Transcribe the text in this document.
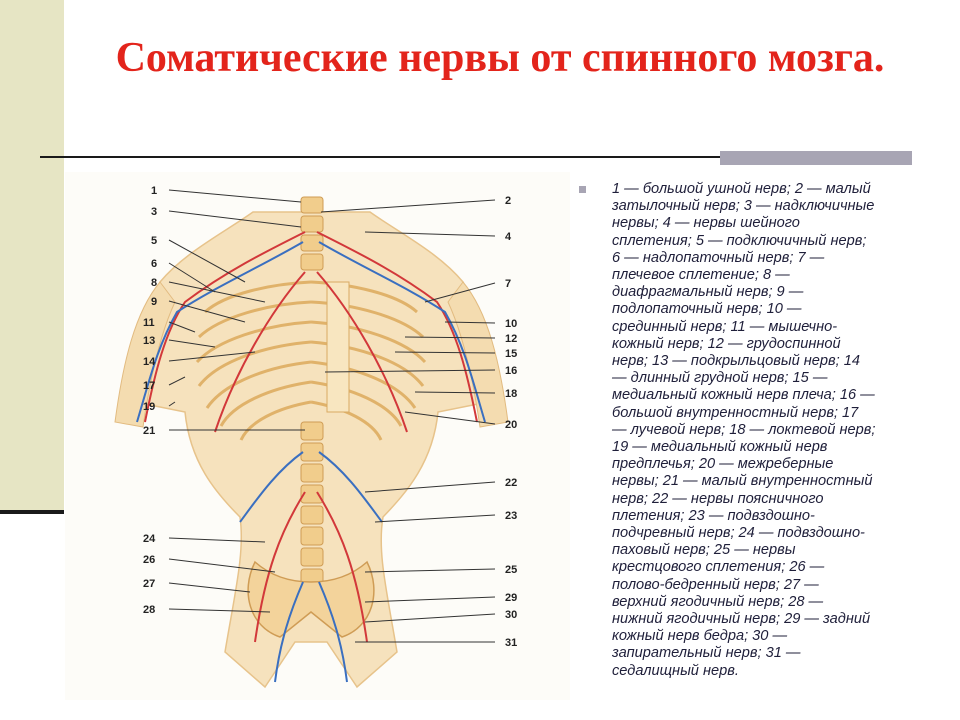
Соматические нервы от спинного мозга.
1
3
5
6
8
9
11
13
14
17
19
21
24
26
27
28
2
4
7
10
12
15
16
18
20
22
23
25
29
30
31

1 — большой ушной нерв; 2 — малый
затылочный нерв; 3 — надключичные
нервы; 4 — нервы шейного
сплетения; 5 — подключичный нерв;
6 — надлопаточный нерв; 7 —
плечевое сплетение; 8 —
диафрагмальный нерв; 9 —
подлопаточный нерв; 10 —
срединный нерв; 11 — мышечно-
кожный нерв; 12 — грудоспинной
нерв; 13 — подкрыльцовый нерв; 14
— длинный грудной нерв; 15 —
медиальный кожный нерв плеча; 16 —
большой внутренностный нерв; 17
— лучевой нерв; 18 — локтевой нерв;
19 — медиальный кожный нерв
предплечья; 20 — межреберные
нервы; 21 — малый внутренностный
нерв; 22 — нервы поясничного
плетения; 23 — подвздошно-
подчревный нерв; 24 — подвздошно-
паховый нерв; 25 — нервы
крестцового сплетения; 26 —
полово-бедренный нерв; 27 —
верхний ягодичный нерв; 28 —
нижний ягодичный нерв; 29 — задний
кожный нерв бедра; 30 —
запирательный нерв; 31 —
седалищный нерв.
